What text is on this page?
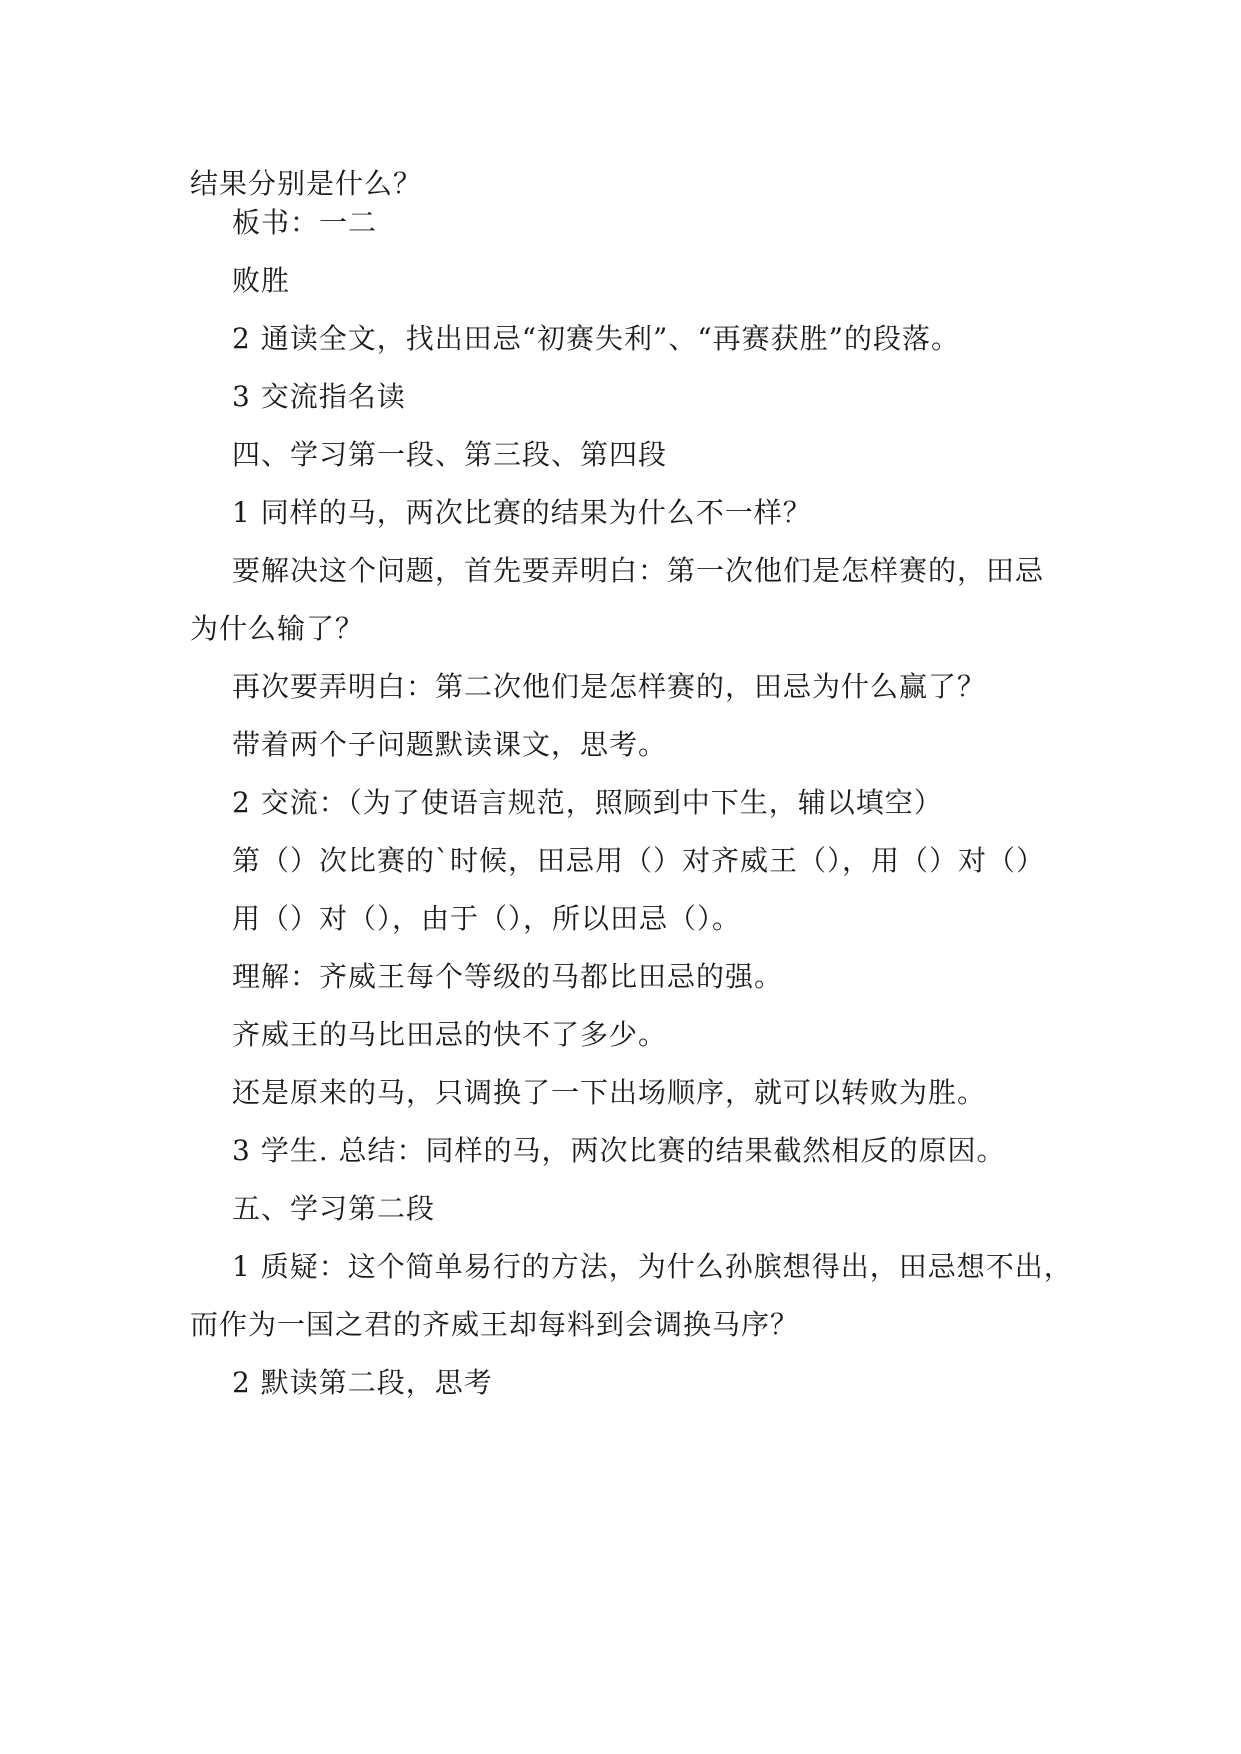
结果分别是什么？
板书：一二
败胜
2 通读全文，找出田忌“初赛失利”、“再赛获胜”的段落。
3 交流指名读
四、学习第一段、第三段、第四段
1 同样的马，两次比赛的结果为什么不一样？
要解决这个问题，首先要弄明白：第一次他们是怎样赛的，田忌
为什么输了？
再次要弄明白：第二次他们是怎样赛的，田忌为什么赢了？
带着两个子问题默读课文，思考。
2 交流：（为了使语言规范，照顾到中下生，辅以填空）
第（）次比赛的`时候，田忌用（）对齐威王（），用（）对（）
用（）对（），由于（），所以田忌（）。
理解：齐威王每个等级的马都比田忌的强。
齐威王的马比田忌的快不了多少。
还是原来的马，只调换了一下出场顺序，就可以转败为胜。
3 学生. 总结：同样的马，两次比赛的结果截然相反的原因。
五、学习第二段
1 质疑：这个简单易行的方法，为什么孙膑想得出，田忌想不出，
而作为一国之君的齐威王却每料到会调换马序？
2 默读第二段，思考
